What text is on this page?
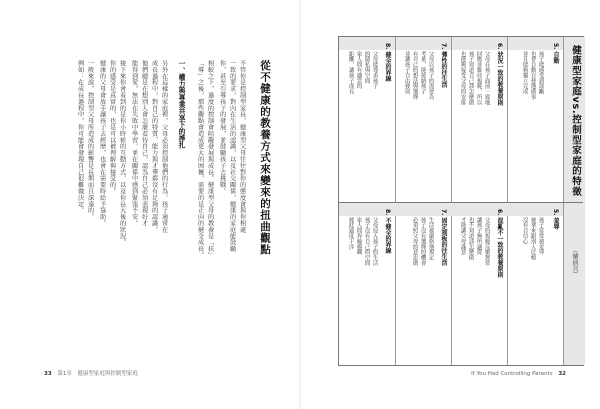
從不健康的教養方式來變來的扭曲觀點
不管你是控制型家長，健康型父母往往對你的態度會與你相處
一致的要求，對內在生活的認識，以及社交關係，健康的家庭能鼓勵
你，甚至引導孩子的發展，並鼓勵孩子去挑戰。
相較之下，過度的控制會阻礙發展與成長。健康型父母的教養是「扶」
「導」之後，那些觀點會造成更大的困擾，需要的是正向的健全成長。
一、權力與專業共享下的掙扎
另外在這樣的家庭裡，父母必須控制他們的行為。孩子通常在
成長過程中，對自己的特質、能力與才華都沒有足夠的認識。
他們總是在想別人會怎麼看待自己，認為自己必須表現好才
能得到愛，無法在失敗中學習，並在關係中感到緊張不安。
接下來你會看到的是你小時候的互動方式，以及你長大後的狀況。
你的感受是真實的，也是可以被理解與接受的。
健康的父母會放手讓孩子去經歷，也會在需要時給予協助。
一般來說，控制型父母所造成的影響是長期而且深遠的。
例如：在成長過程中，你可能會發現自己很難做決定。
33 第1章　健康型家庭與控制型家庭
健康型家庭vs.控制型家庭的特徵
（續前頁）
5. 自動
孩子能感受到鼓勵
也會自動自發地做事
並且能夠獨立完成
6. 狀況一致的教養原則
父母在孩子面前一致地
回應並維持規範，所以
孩子知道自己該怎麼做
也能夠接受父母的安排
7. 彈性的往生活
父母以孩子的需要為
考量，能接納孩子
有自己的想法與選擇
並讓孩子自由發展
8. 健全的界線
父母能尊重孩子
的隱私與空間
家人間有適當的
距離，讓孩子成長
5. 羞辱
孩子常常被羞辱
被拿來跟別人比較
沒有自信心
6. 混亂不一致的教養原則
父母的規範反覆無常
讓孩子無所適從
也不知道該怎麼做
才能讓父母滿意
7. 固定刻板的往生活
生活被嚴格地規定
孩子沒有選擇的機會
必須照父母的意思做
8. 不健全的界線
父母侵入孩子的生活
孩子沒有自己的空間
家人間界線模糊
彼此過度干涉
If You Had Controlling Parents 32
